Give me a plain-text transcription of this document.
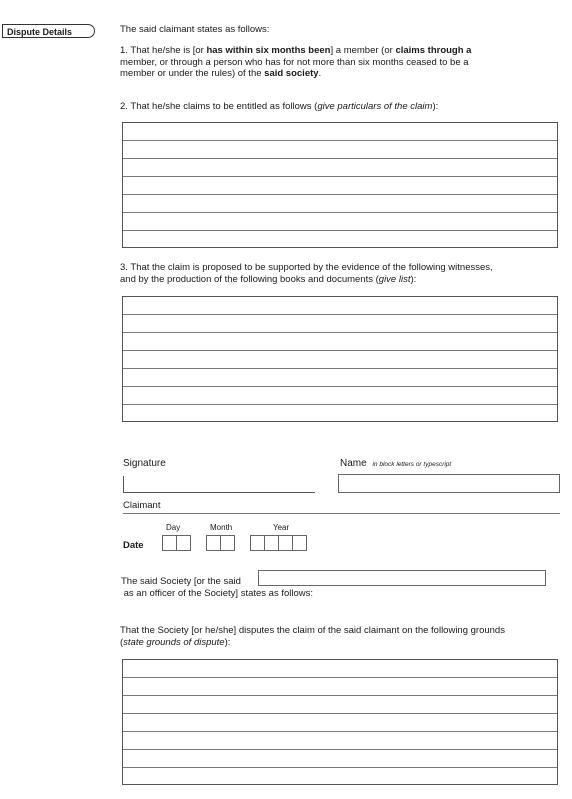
Dispute Details	The said claimant states as follows:
1. That he/she is [or has within six months been] a member (or claims through a
member, or through a person who has for not more than six months ceased to be a
member or under the rules) of the said society.
2. That he/she claims to be entitled as follows (give particulars of the claim):
3. That the claim is proposed to be supported by the evidence of the following witnesses,
and by the production of the following books and documents (give list):
Signature	Name in block letters or typescript
Claimant
Day	Month	Year
Date
The said Society [or the said
as an officer of the Society] states as follows:
That the Society [or he/she] disputes the claim of the said claimant on the following grounds
(state grounds of dispute):
